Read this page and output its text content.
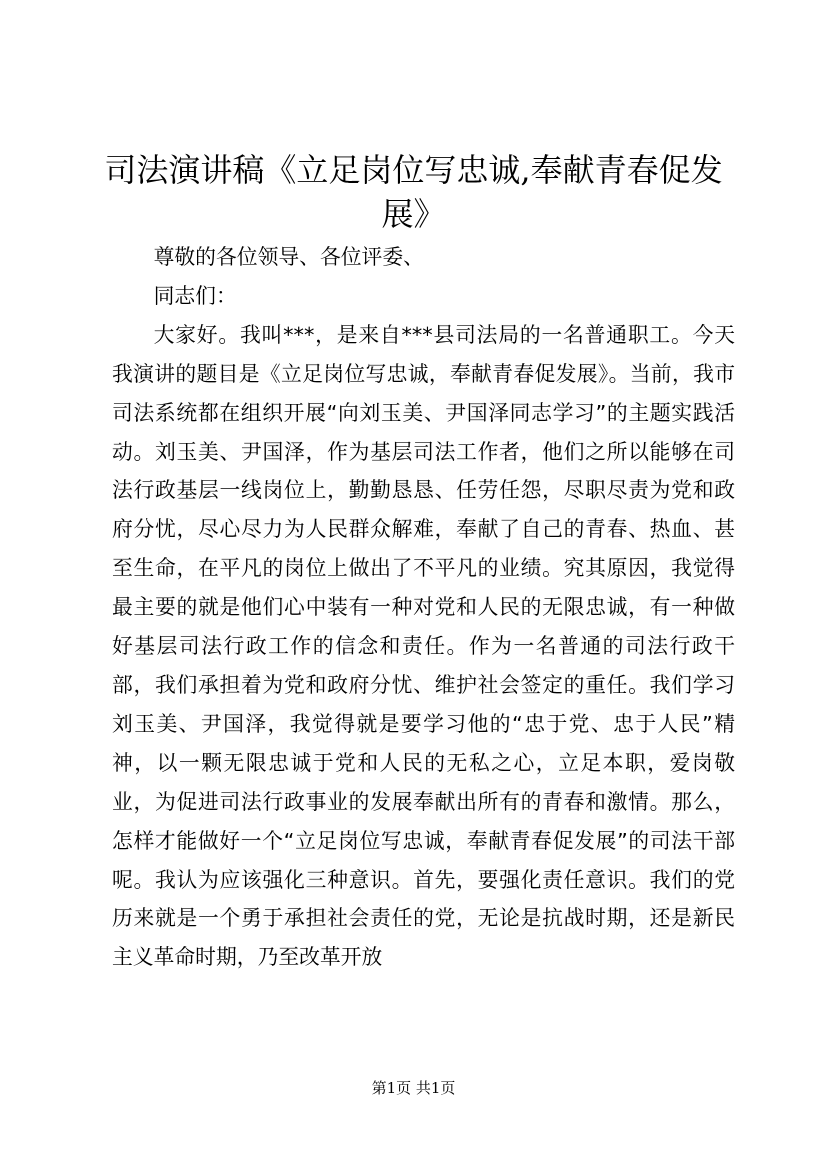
司法演讲稿《立足岗位写忠诚,奉献青春促发展》

尊敬的各位领导、各位评委、

同志们：

大家好。我叫***，是来自***县司法局的一名普通职工。今天我演讲的题目是《立足岗位写忠诚，奉献青春促发展》。当前，我市司法系统都在组织开展“向刘玉美、尹国泽同志学习”的主题实践活动。刘玉美、尹国泽，作为基层司法工作者，他们之所以能够在司法行政基层一线岗位上，勤勤恳恳、任劳任怨，尽职尽责为党和政府分忧，尽心尽力为人民群众解难，奉献了自己的青春、热血、甚至生命，在平凡的岗位上做出了不平凡的业绩。究其原因，我觉得最主要的就是他们心中装有一种对党和人民的无限忠诚，有一种做好基层司法行政工作的信念和责任。作为一名普通的司法行政干部，我们承担着为党和政府分忧、维护社会签定的重任。我们学习刘玉美、尹国泽，我觉得就是要学习他的“忠于党、忠于人民”精神，以一颗无限忠诚于党和人民的无私之心，立足本职，爱岗敬业，为促进司法行政事业的发展奉献出所有的青春和激情。那么，怎样才能做好一个“立足岗位写忠诚，奉献青春促发展”的司法干部呢。我认为应该强化三种意识。首先，要强化责任意识。我们的党历来就是一个勇于承担社会责任的党，无论是抗战时期，还是新民主义革命时期，乃至改革开放

第1页 共1页
